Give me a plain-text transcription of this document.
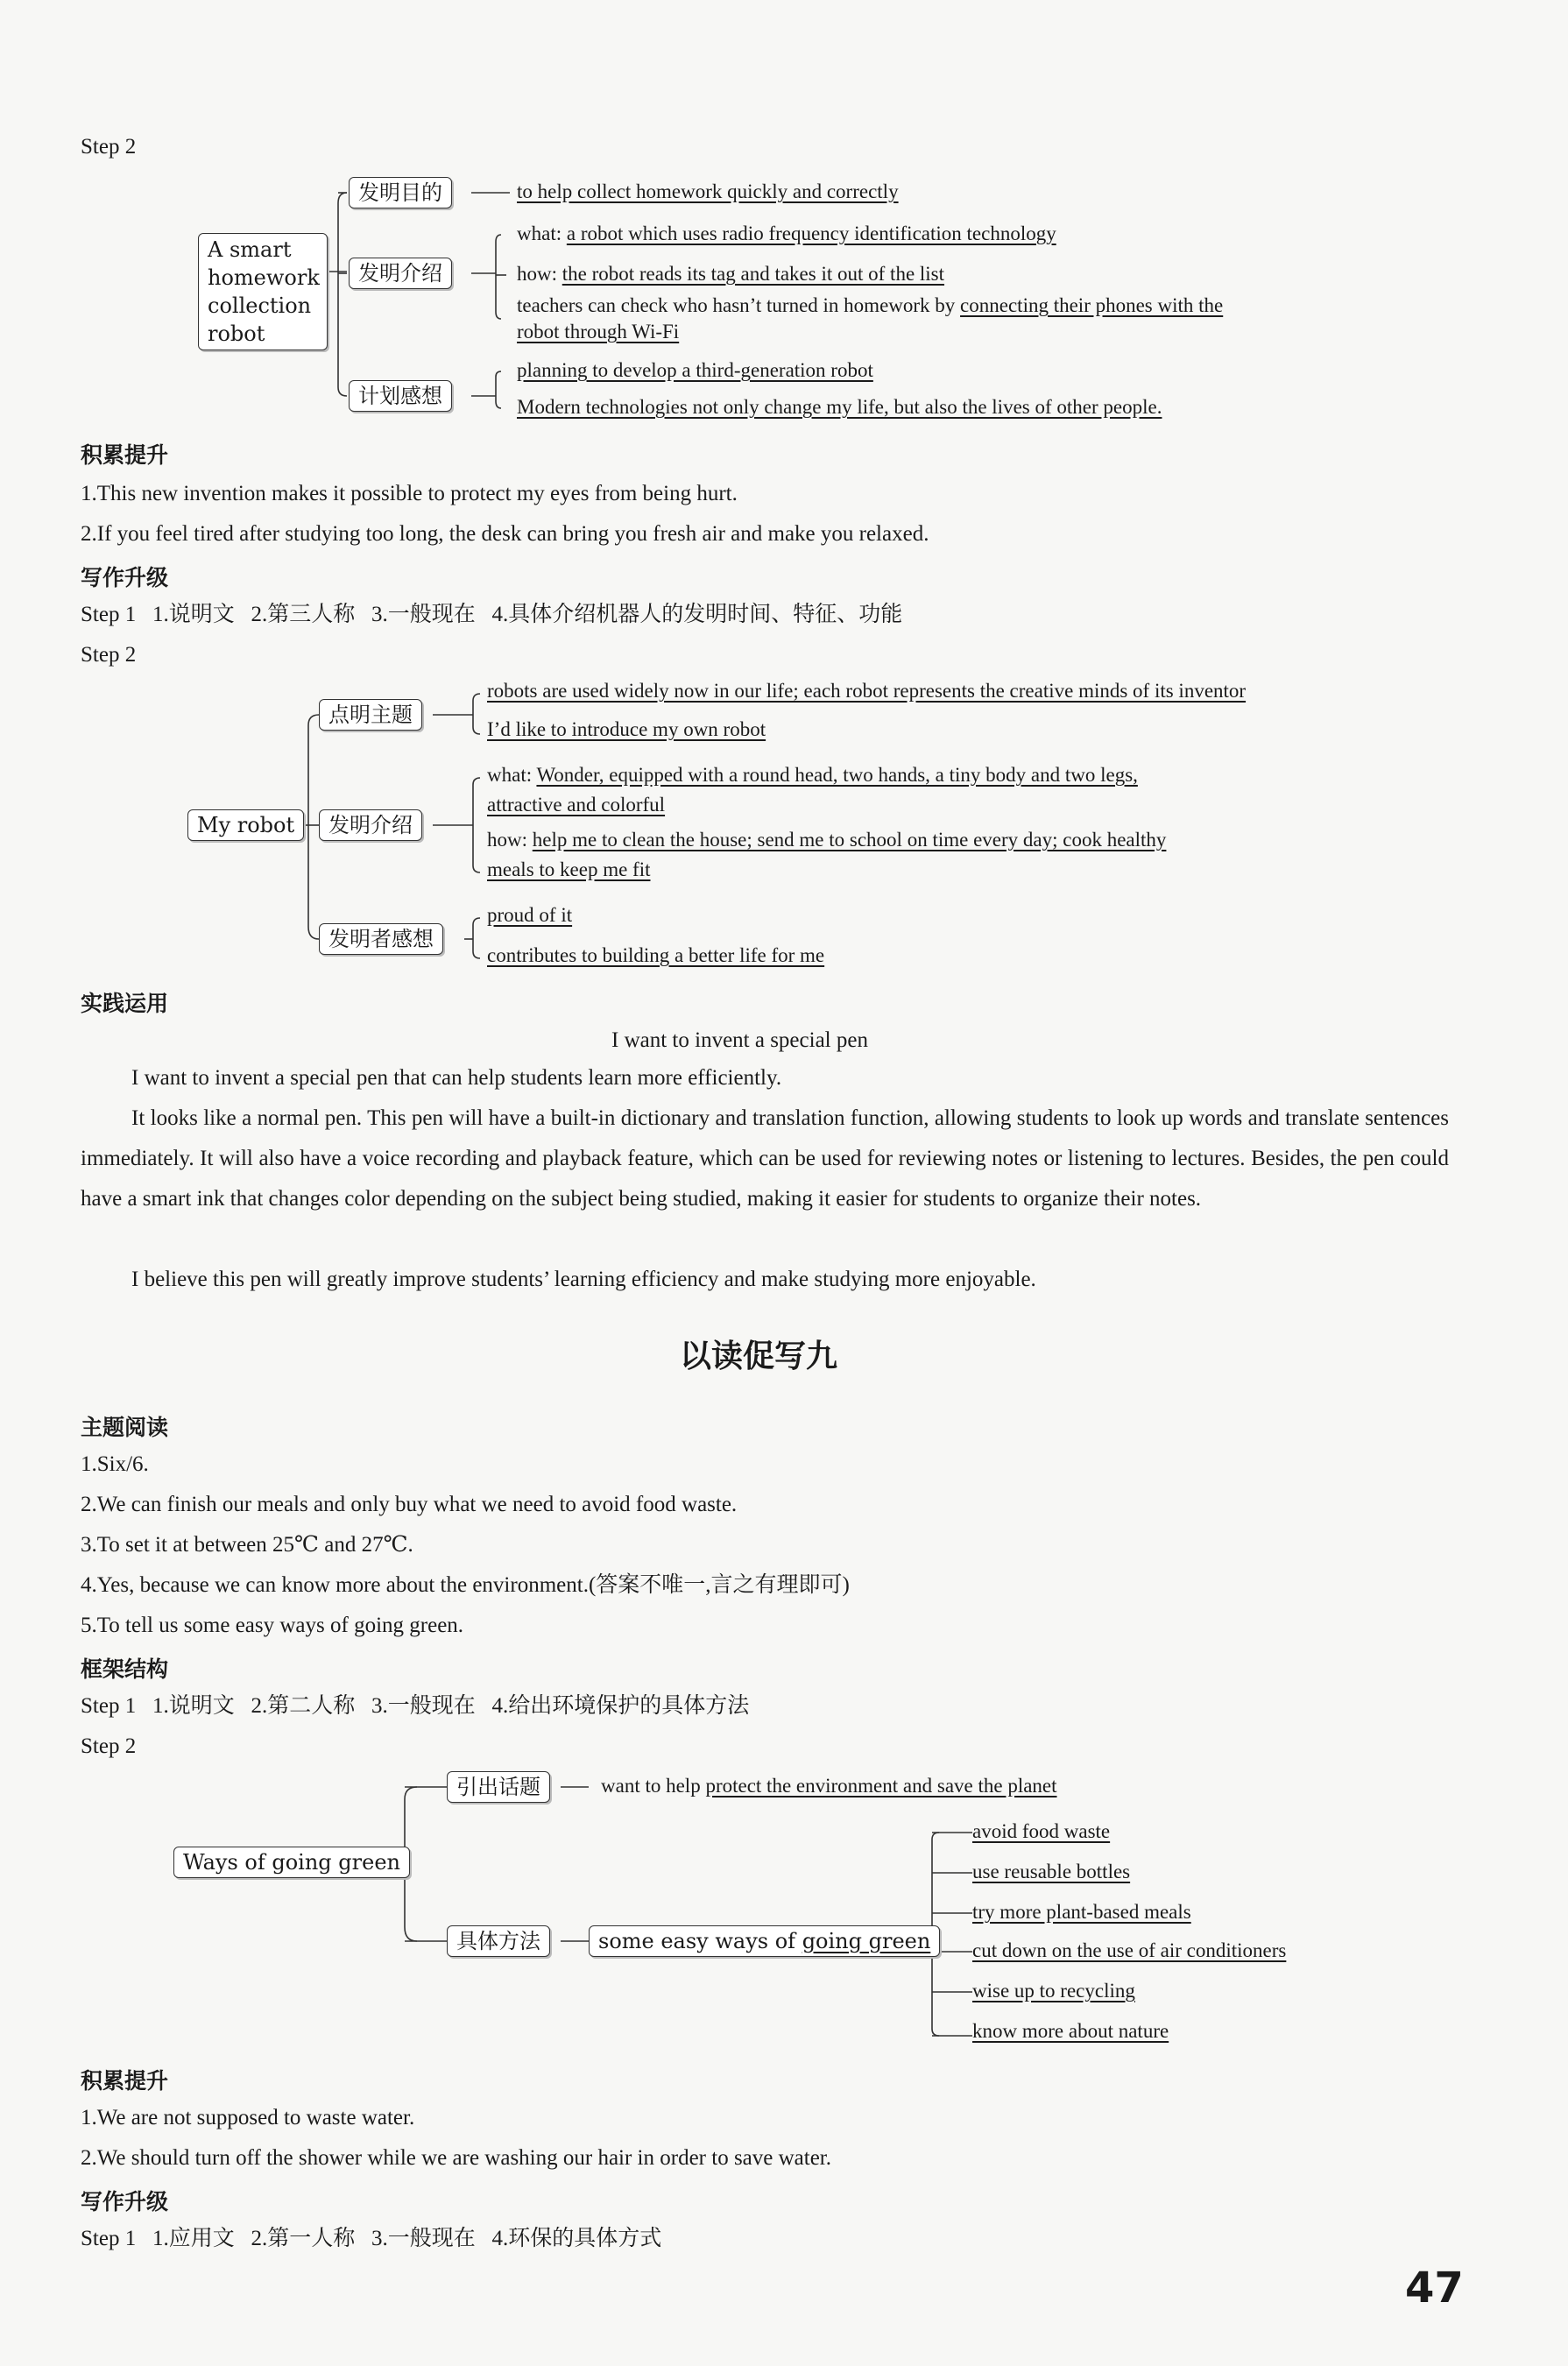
Step 2
A smart
homework
collection
robot
发明目的
发明介绍
计划感想
to help collect homework quickly and correctly
what: a robot which uses radio frequency identification technology
how: the robot reads its tag and takes it out of the list
teachers can check who hasn’t turned in homework by connecting their phones with the
robot through Wi-Fi
planning to develop a third-generation robot
Modern technologies not only change my life, but also the lives of other people.
积累提升
1.This new invention makes it possible to protect my eyes from being hurt.
2.If you feel tired after studying too long, the desk can bring you fresh air and make you relaxed.
写作升级
Step 1   1.说明文   2.第三人称   3.一般现在   4.具体介绍机器人的发明时间、特征、功能
Step 2
My robot
点明主题
发明介绍
发明者感想
robots are used widely now in our life; each robot represents the creative minds of its inventor
I’d like to introduce my own robot
what: Wonder, equipped with a round head, two hands, a tiny body and two legs,
attractive and colorful
how: help me to clean the house; send me to school on time every day; cook healthy
meals to keep me fit
proud of it
contributes to building a better life for me
实践运用
I want to invent a special pen
I want to invent a special pen that can help students learn more efficiently.
It looks like a normal pen. This pen will have a built-in dictionary and translation function, allowing students to look up words and translate sentences immediately. It will also have a voice recording and playback feature, which can be used for reviewing notes or listening to lectures. Besides, the pen could have a smart ink that changes color depending on the subject being studied, making it easier for students to organize their notes.
I believe this pen will greatly improve students’ learning efficiency and make studying more enjoyable.
以读促写九
主题阅读
1.Six/6.
2.We can finish our meals and only buy what we need to avoid food waste.
3.To set it at between 25℃ and 27℃.
4.Yes, because we can know more about the environment.(答案不唯一,言之有理即可)
5.To tell us some easy ways of going green.
框架结构
Step 1   1.说明文   2.第二人称   3.一般现在   4.给出环境保护的具体方法
Step 2
Ways of going green
引出话题
具体方法
want to help protect the environment and save the planet
some easy ways of going green
avoid food waste
use reusable bottles
try more plant-based meals
cut down on the use of air conditioners
wise up to recycling
know more about nature
积累提升
1.We are not supposed to waste water.
2.We should turn off the shower while we are washing our hair in order to save water.
写作升级
Step 1   1.应用文   2.第一人称   3.一般现在   4.环保的具体方式
47
